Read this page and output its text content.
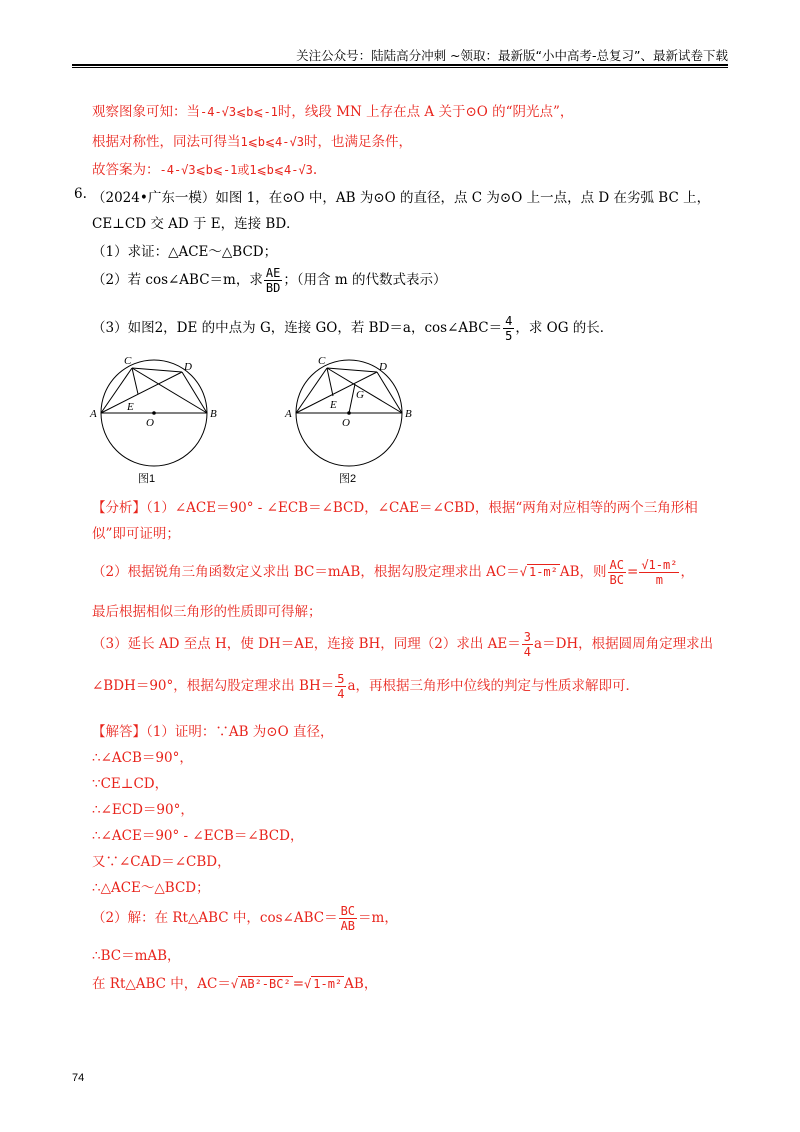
关注公众号：陆陆高分冲刺 ~领取：最新版“小中高考-总复习”、最新试卷下载
观察图象可知：当-4-√3⩽b⩽-1时，线段 MN 上存在点 A 关于⊙O 的“阴光点”，
根据对称性，同法可得当1⩽b⩽4-√3时，也满足条件，
故答案为：-4-√3⩽b⩽-1或1⩽b⩽4-√3.
6. （2024•广东一模）如图 1，在⊙O 中，AB 为⊙O 的直径，点 C 为⊙O 上一点，点 D 在劣弧 BC 上，
CE⊥CD 交 AD 于 E，连接 BD．
（1）求证：△ACE～△BCD；
（2）若 cos∠ABC＝m，求 $\frac{AE}{BD}$ ；（用含 m 的代数式表示）
（3）如图2，DE 的中点为 G，连接 GO，若 BD＝a，cos∠ABC＝ $\frac{4}{5}$ ，求 OG 的长．
C	D
A	B
E
O
图1
C	D
A	B
E
G
O
图2
【分析】（1）∠ACE＝90° - ∠ECB＝∠BCD，∠CAE＝∠CBD，根据“两角对应相等的两个三角形相
似”即可证明；
（2）根据锐角三角函数定义求出 BC＝mAB，根据勾股定理求出 AC＝√ 1-m² AB，则 $\frac{AC}{BC} = \frac{\text{√1-m²}}{m}$ ，
最后根据相似三角形的性质即可得解；
（3）延长 AD 至点 H，使 DH＝AE，连接 BH，同理（2）求出 $AE= \frac{3}{4} a=DH$，根据圆周角定理求出
∠BDH＝90°，根据勾股定理求出 $BH= \frac{5}{4}$ a，再根据三角形中位线的判定与性质求解即可．
【解答】（1）证明：∵AB 为⊙O 直径，
∴∠ACB＝90°，
∵CE⊥CD，
∴∠ECD＝90°，
∴∠ACE＝90° - ∠ECB＝∠BCD，
又∵∠CAD＝∠CBD，
∴△ACE～△BCD；
（2）解：在 Rt△ABC 中，cos∠ABC＝ $\frac{BC}{AB} =m$，
∴BC＝mAB，
在 Rt△ABC 中，AC＝√ AB²-BC² =√ 1-m² AB，
74
